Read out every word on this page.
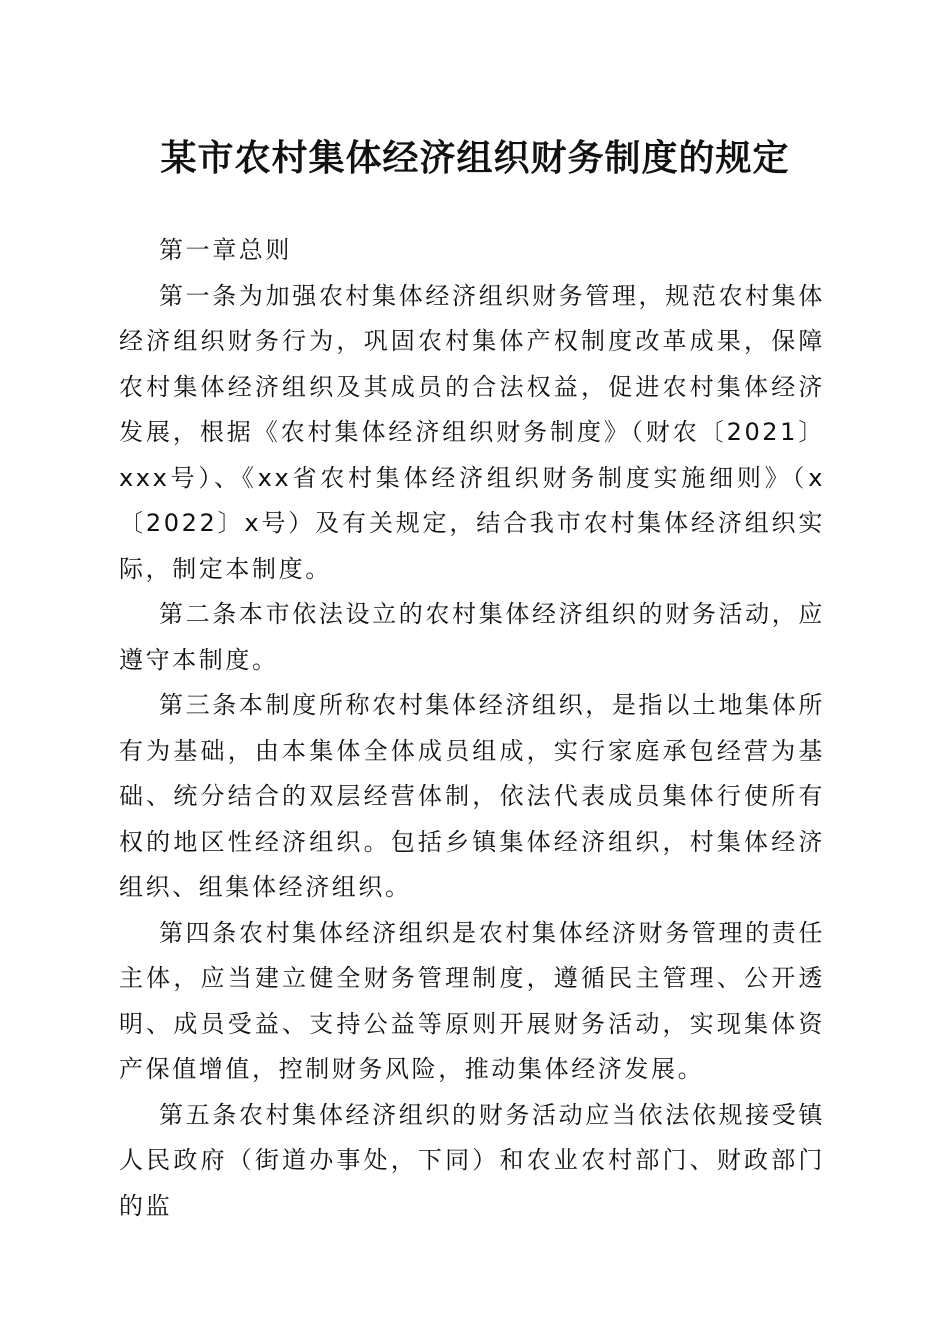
某市农村集体经济组织财务制度的规定

第一章总则

第一条为加强农村集体经济组织财务管理，规范农村集体经济组织财务行为，巩固农村集体产权制度改革成果，保障农村集体经济组织及其成员的合法权益，促进农村集体经济发展，根据《农村集体经济组织财务制度》（财农〔2021〕xxx号）、《xx省农村集体经济组织财务制度实施细则》（x〔2022〕x号）及有关规定，结合我市农村集体经济组织实际，制定本制度。

第二条本市依法设立的农村集体经济组织的财务活动，应遵守本制度。

第三条本制度所称农村集体经济组织，是指以土地集体所有为基础，由本集体全体成员组成，实行家庭承包经营为基础、统分结合的双层经营体制，依法代表成员集体行使所有权的地区性经济组织。包括乡镇集体经济组织，村集体经济组织、组集体经济组织。

第四条农村集体经济组织是农村集体经济财务管理的责任主体，应当建立健全财务管理制度，遵循民主管理、公开透明、成员受益、支持公益等原则开展财务活动，实现集体资产保值增值，控制财务风险，推动集体经济发展。

第五条农村集体经济组织的财务活动应当依法依规接受镇人民政府（街道办事处，下同）和农业农村部门、财政部门的监
